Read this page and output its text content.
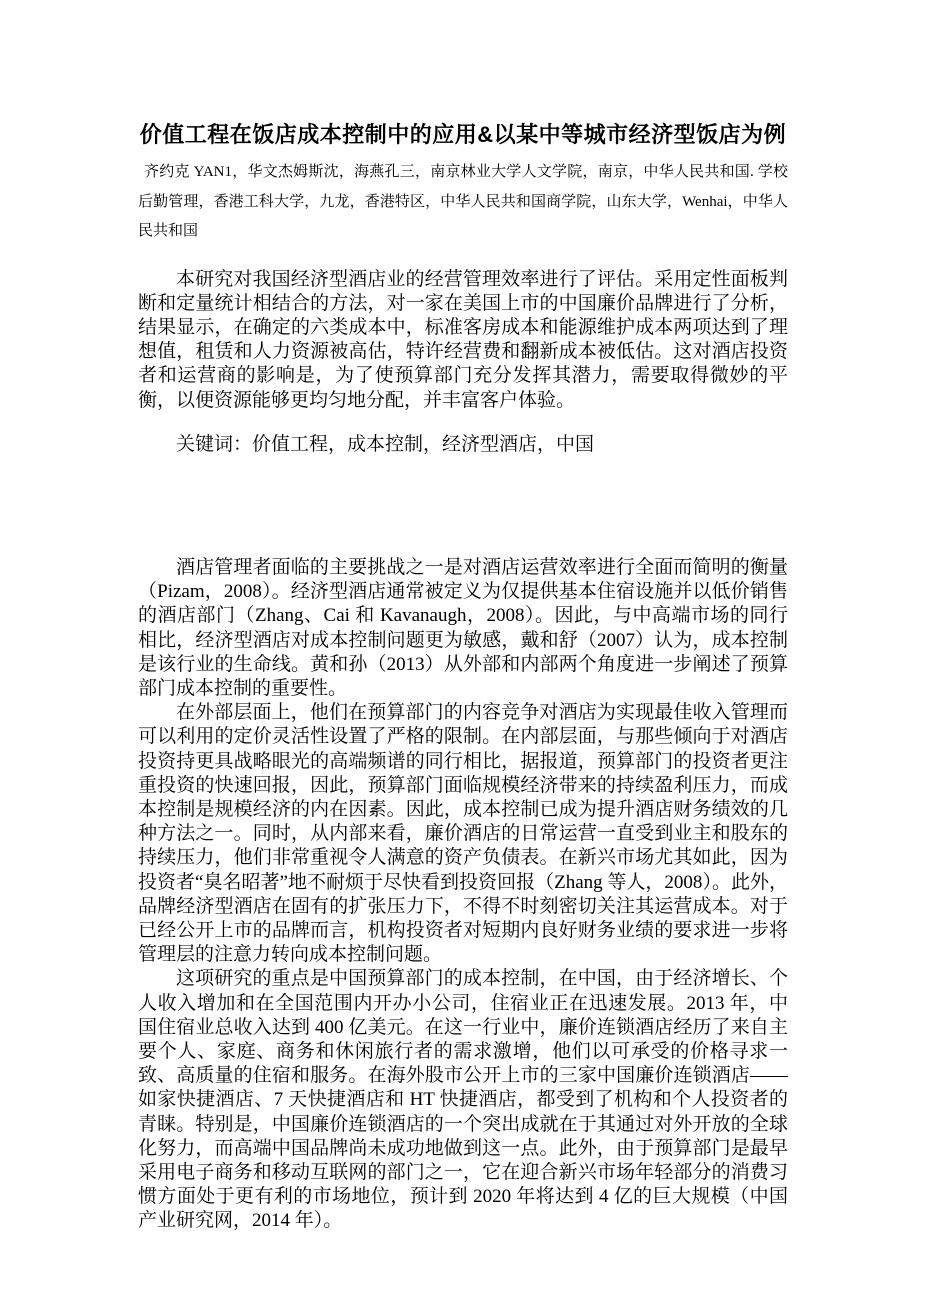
价值工程在饭店成本控制中的应用&以某中等城市经济型饭店为例
齐约克 YAN1，华文杰姆斯沈，海燕孔三，南京林业大学人文学院，南京，中华人民共和国. 学校后勤管理，香港工科大学，九龙，香港特区，中华人民共和国商学院，山东大学，Wenhai，中华人民共和国
本研究对我国经济型酒店业的经营管理效率进行了评估。采用定性面板判断和定量统计相结合的方法，对一家在美国上市的中国廉价品牌进行了分析，结果显示，在确定的六类成本中，标准客房成本和能源维护成本两项达到了理想值，租赁和人力资源被高估，特许经营费和翻新成本被低估。这对酒店投资者和运营商的影响是，为了使预算部门充分发挥其潜力，需要取得微妙的平衡，以便资源能够更均匀地分配，并丰富客户体验。
关键词：价值工程，成本控制，经济型酒店，中国

酒店管理者面临的主要挑战之一是对酒店运营效率进行全面而简明的衡量（Pizam，2008）。经济型酒店通常被定义为仅提供基本住宿设施并以低价销售的酒店部门（Zhang、Cai 和 Kavanaugh，2008）。因此，与中高端市场的同行相比，经济型酒店对成本控制问题更为敏感，戴和舒（2007）认为，成本控制是该行业的生命线。黄和孙（2013）从外部和内部两个角度进一步阐述了预算部门成本控制的重要性。

在外部层面上，他们在预算部门的内容竞争对酒店为实现最佳收入管理而可以利用的定价灵活性设置了严格的限制。在内部层面，与那些倾向于对酒店投资持更具战略眼光的高端频谱的同行相比，据报道，预算部门的投资者更注重投资的快速回报，因此，预算部门面临规模经济带来的持续盈利压力，而成本控制是规模经济的内在因素。因此，成本控制已成为提升酒店财务绩效的几种方法之一。同时，从内部来看，廉价酒店的日常运营一直受到业主和股东的持续压力，他们非常重视令人满意的资产负债表。在新兴市场尤其如此，因为投资者“臭名昭著”地不耐烦于尽快看到投资回报（Zhang 等人，2008）。此外，品牌经济型酒店在固有的扩张压力下，不得不时刻密切关注其运营成本。对于已经公开上市的品牌而言，机构投资者对短期内良好财务业绩的要求进一步将管理层的注意力转向成本控制问题。

这项研究的重点是中国预算部门的成本控制，在中国，由于经济增长、个人收入增加和在全国范围内开办小公司，住宿业正在迅速发展。2013 年，中国住宿业总收入达到 400 亿美元。在这一行业中，廉价连锁酒店经历了来自主要个人、家庭、商务和休闲旅行者的需求激增，他们以可承受的价格寻求一致、高质量的住宿和服务。在海外股市公开上市的三家中国廉价连锁酒店——如家快捷酒店、7 天快捷酒店和 HT 快捷酒店，都受到了机构和个人投资者的青睐。特别是，中国廉价连锁酒店的一个突出成就在于其通过对外开放的全球化努力，而高端中国品牌尚未成功地做到这一点。此外，由于预算部门是最早采用电子商务和移动互联网的部门之一，它在迎合新兴市场年轻部分的消费习惯方面处于更有利的市场地位，预计到 2020 年将达到 4 亿的巨大规模（中国产业研究网，2014 年）。
